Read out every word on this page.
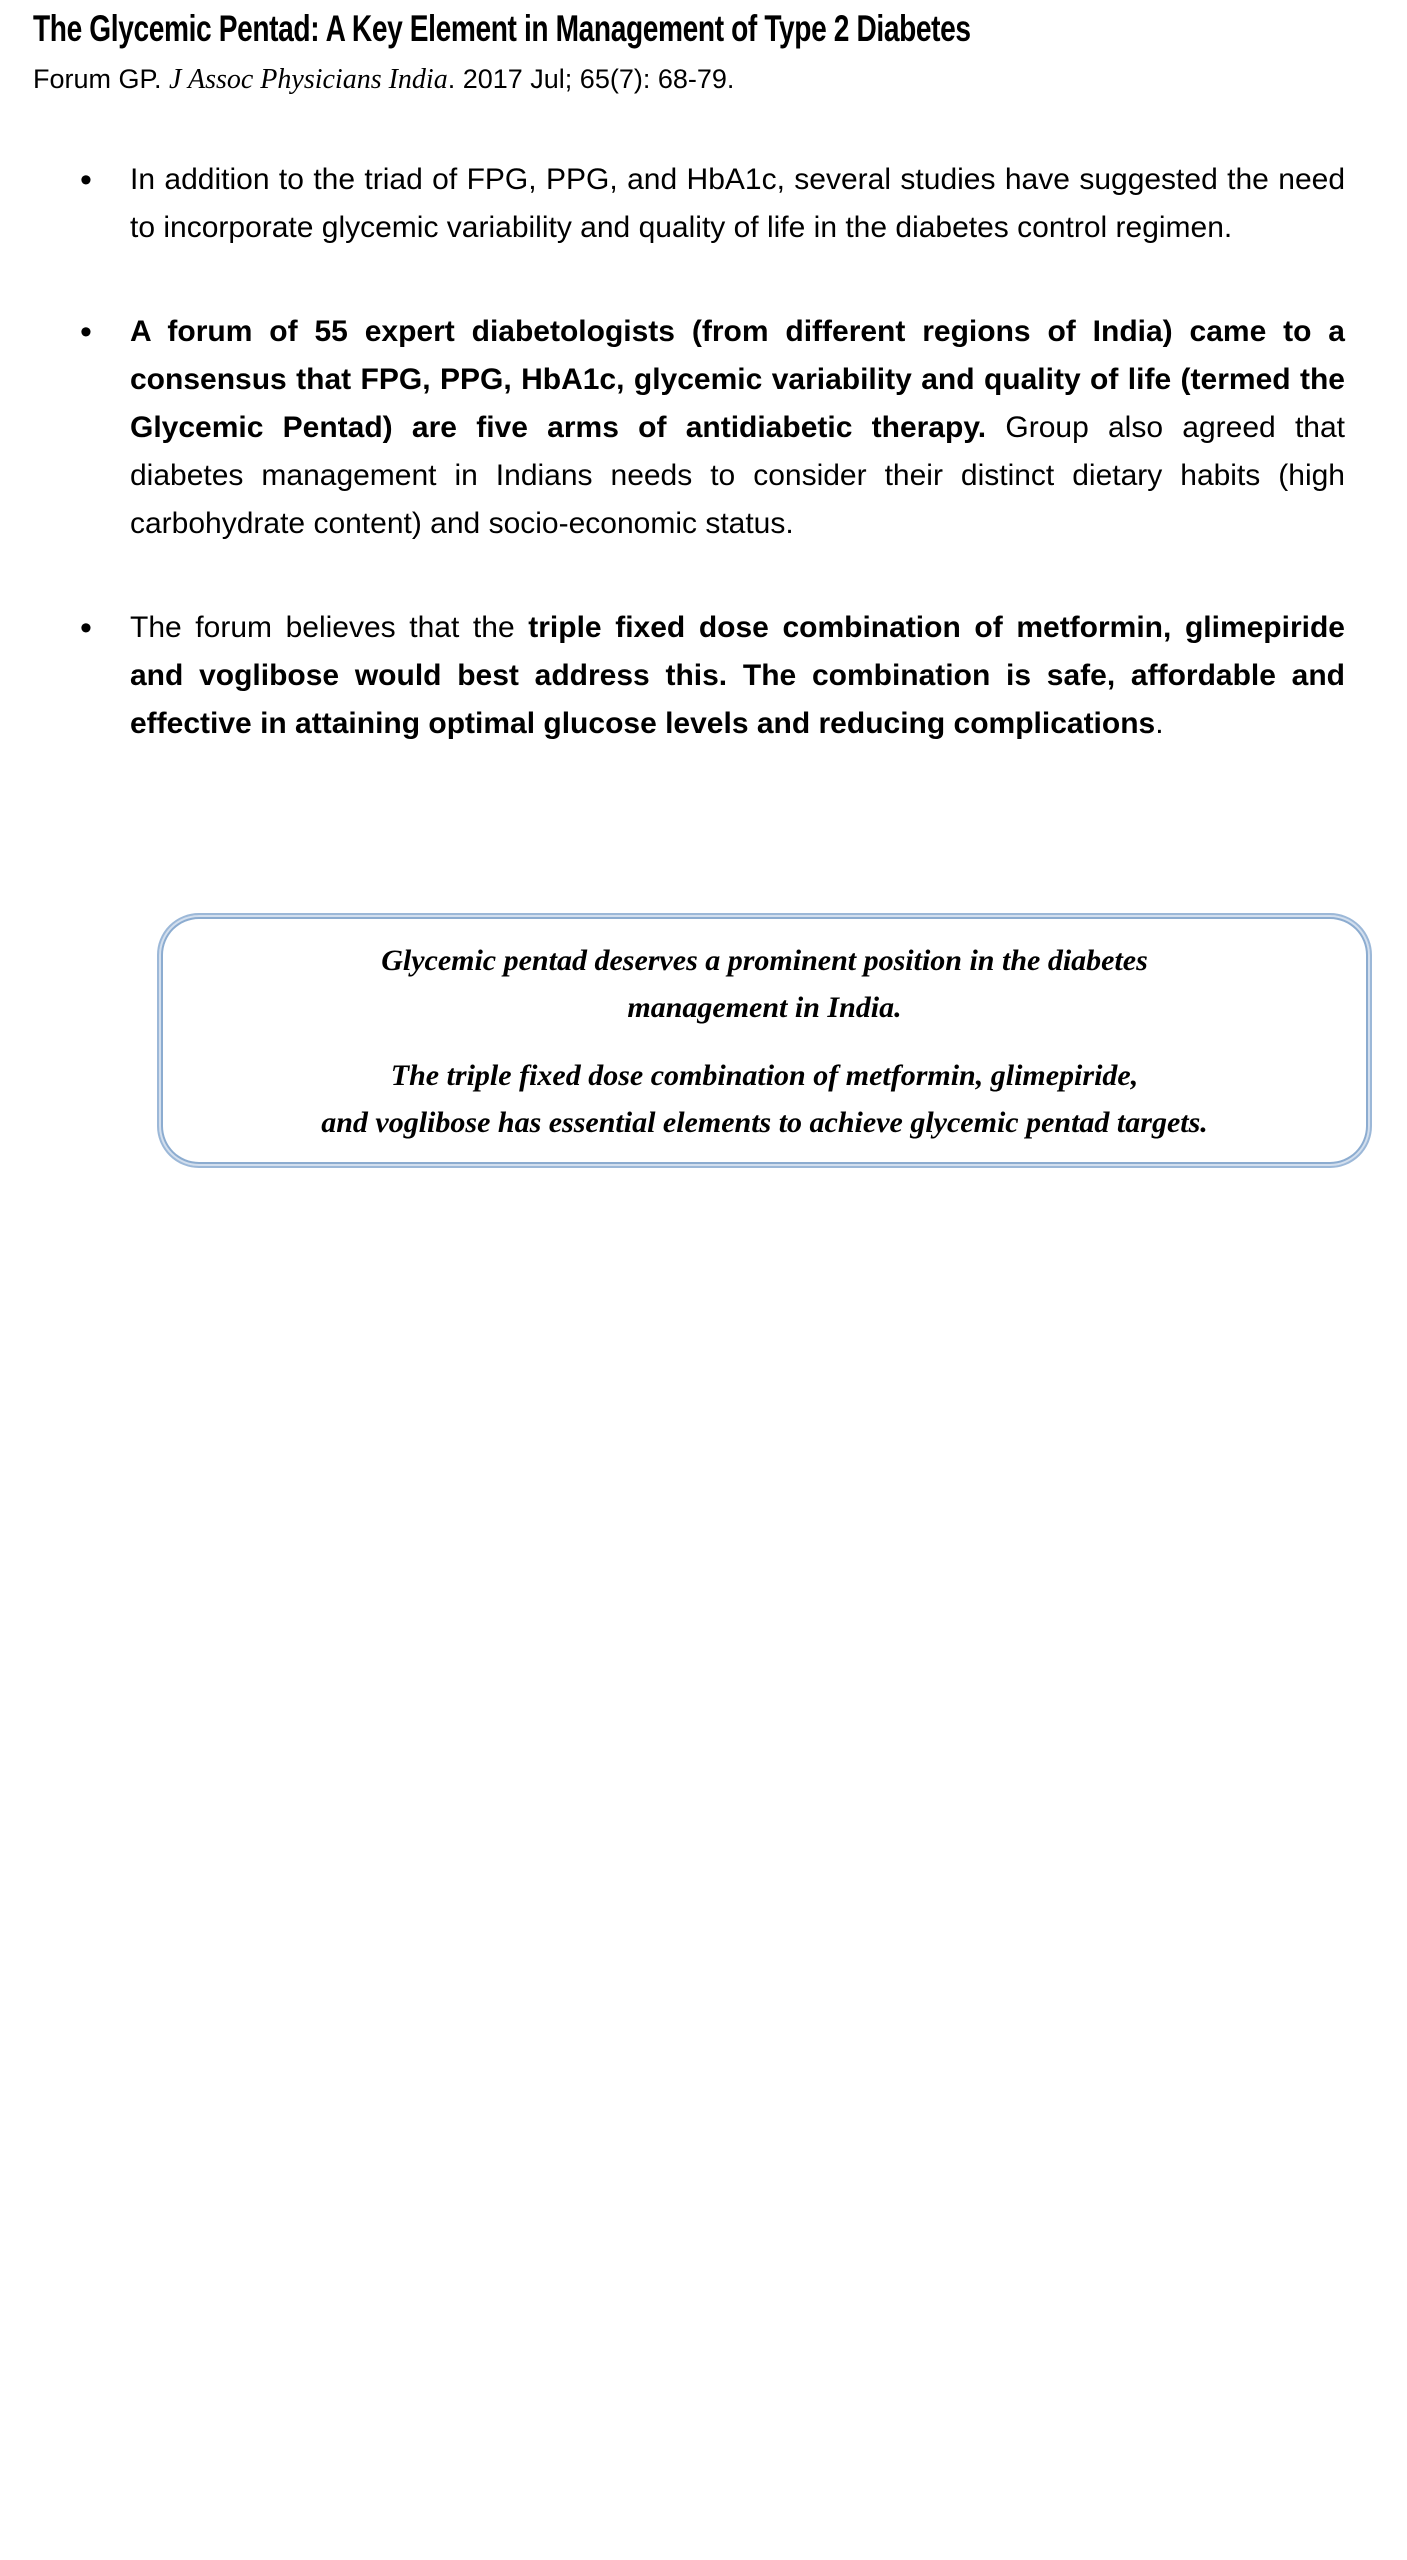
The Glycemic Pentad: A Key Element in Management of Type 2 Diabetes
Forum GP. J Assoc Physicians India. 2017 Jul; 65(7): 68-79.
•	In addition to the triad of FPG, PPG, and HbA1c, several studies have suggested the need to incorporate glycemic variability and quality of life in the diabetes control regimen.
•	A forum of 55 expert diabetologists (from different regions of India) came to a consensus that FPG, PPG, HbA1c, glycemic variability and quality of life (termed the Glycemic Pentad) are five arms of antidiabetic therapy. Group also agreed that diabetes management in Indians needs to consider their distinct dietary habits (high carbohydrate content) and socio-economic status.
•	The forum believes that the triple fixed dose combination of metformin, glimepiride and voglibose would best address this. The combination is safe, affordable and effective in attaining optimal glucose levels and reducing complications.

Glycemic pentad deserves a prominent position in the diabetes
management in India.

The triple fixed dose combination of metformin, glimepiride,
and voglibose has essential elements to achieve glycemic pentad targets.
